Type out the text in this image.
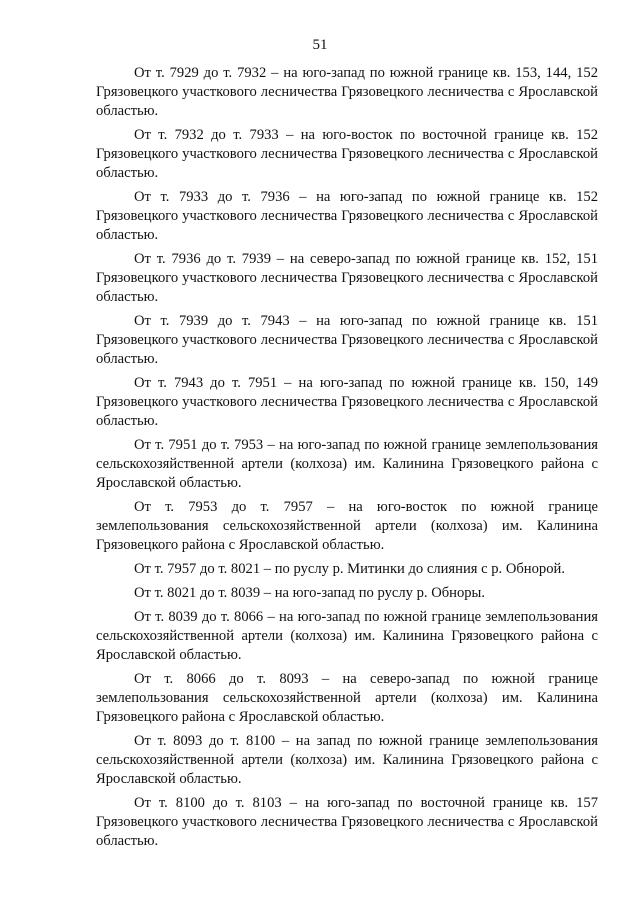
51

От т. 7929 до т. 7932 – на юго-запад по южной границе кв. 153, 144, 152 Грязовецкого участкового лесничества Грязовецкого лесничества с Ярославской областью.

От т. 7932 до т. 7933 – на юго-восток по восточной границе кв. 152 Грязовецкого участкового лесничества Грязовецкого лесничества с Ярославской областью.

От т. 7933 до т. 7936 – на юго-запад по южной границе кв. 152 Грязовецкого участкового лесничества Грязовецкого лесничества с Ярославской областью.

От т. 7936 до т. 7939 – на северо-запад по южной границе кв. 152, 151 Грязовецкого участкового лесничества Грязовецкого лесничества с Ярославской областью.

От т. 7939 до т. 7943 – на юго-запад по южной границе кв. 151 Грязовецкого участкового лесничества Грязовецкого лесничества с Ярославской областью.

От т. 7943 до т. 7951 – на юго-запад по южной границе кв. 150, 149 Грязовецкого участкового лесничества Грязовецкого лесничества с Ярославской областью.

От т. 7951 до т. 7953 – на юго-запад по южной границе землепользования сельскохозяйственной артели (колхоза) им. Калинина Грязовецкого района с Ярославской областью.

От т. 7953 до т. 7957 – на юго-восток по южной границе землепользования сельскохозяйственной артели (колхоза) им. Калинина Грязовецкого района с Ярославской областью.

От т. 7957 до т. 8021 – по руслу р. Митинки до слияния с р. Обнорой.

От т. 8021 до т. 8039 – на юго-запад по руслу р. Обноры.

От т. 8039 до т. 8066 – на юго-запад по южной границе землепользования сельскохозяйственной артели (колхоза) им. Калинина Грязовецкого района с Ярославской областью.

От т. 8066 до т. 8093 – на северо-запад по южной границе землепользования сельскохозяйственной артели (колхоза) им. Калинина Грязовецкого района с Ярославской областью.

От т. 8093 до т. 8100 – на запад по южной границе землепользования сельскохозяйственной артели (колхоза) им. Калинина Грязовецкого района с Ярославской областью.

От т. 8100 до т. 8103 – на юго-запад по восточной границе кв. 157 Грязовецкого участкового лесничества Грязовецкого лесничества с Ярославской областью.
